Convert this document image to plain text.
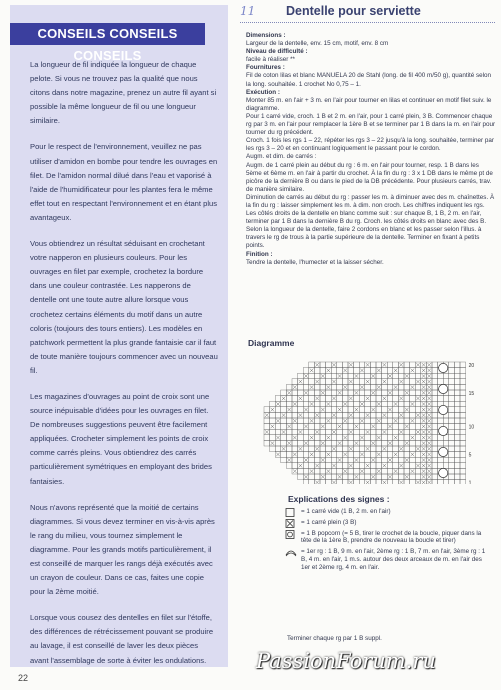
CONSEILS CONSEILS CONSEILS

La longueur de fil indiquée la longueur de chaque pelote. Si vous ne trouvez pas la qualité que nous citons dans notre magazine, prenez un autre fil ayant si possible la même longueur de fil ou une longueur similaire.

Pour le respect de l'environnement, veuillez ne pas utiliser d'amidon en bombe pour tendre les ouvrages en filet. De l'amidon normal dilué dans l'eau et vaporisé à l'aide de l'humidificateur pour les plantes fera le même effet tout en respectant l'environnement et en étant plus avantageux.

Vous obtiendrez un résultat séduisant en crochetant votre napperon en plusieurs couleurs. Pour les ouvrages en filet par exemple, crochetez la bordure dans une couleur contrastée. Les napperons de dentelle ont une toute autre allure lorsque vous crochetez certains éléments du motif dans un autre coloris (toujours des tours entiers). Les modèles en patchwork permettent la plus grande fantaisie car il faut de toute manière toujours commencer avec un nouveau fil.

Les magazines d'ouvrages au point de croix sont une source inépuisable d'idées pour les ouvrages en filet. De nombreuses suggestions peuvent être facilement appliquées. Crocheter simplement les points de croix comme carrés pleins. Vous obtiendrez des carrés particulièrement symétriques en employant des brides fantaisies.

Nous n'avons représenté que la moitié de certains diagrammes. Si vous devez terminer en vis-à-vis après le rang du milieu, vous tournez simplement le diagramme. Pour les grands motifs particulièrement, il est conseillé de marquer les rangs déjà exécutés avec un crayon de couleur. Dans ce cas, faites une copie pour la 2ème moitié.

Lorsque vous cousez des dentelles en filet sur l'étoffe, des différences de rétrécissement pouvant se produire au lavage, il est conseillé de laver les deux pièces avant l'assemblage de sorte à éviter les ondulations.

22
11	Dentelle pour serviette
Dimensions :
Largeur de la dentelle, env. 15 cm, motif, env. 8 cm
Niveau de difficulté :
facile à réaliser **
Fournitures :
Fil de coton lilas et blanc MANUELA 20 de Stahl (long. de fil 400 m/50 g), quantité selon la long. souhaitée. 1 crochet No 0,75 – 1.
Exécution :
Monter 85 m. en l'air + 3 m. en l'air pour tourner en lilas et continuer en motif filet suiv. le diagramme.
Pour 1 carré vide, croch. 1 B et 2 m. en l'air, pour 1 carré plein, 3 B. Commencer chaque rg par 3 m. en l'air pour remplacer la 1ère B et se terminer par 1 B dans la m. en l'air pour tourner du rg précédent.
Croch. 1 fois les rgs 1 – 22, répéter les rgs 3 – 22 jusqu'à la long. souhaitée, terminer par les rgs 3 – 20 et en continuant logiquement le passant pour le cordon.
Augm. et dim. de carrés :
Augm. de 1 carré plein au début du rg : 6 m. en l'air pour tourner, resp. 1 B dans les 5ème et 6ème m. en l'air à partir du crochet. À la fin du rg : 3 x 1 DB dans le même pt de picôre de la dernière B ou dans le pied de la DB précédente. Pour plusieurs carrés, trav. de manière similaire.
Diminution de carrés au début du rg : passer les m. à diminuer avec des m. chaînettes. À la fin du rg : laisser simplement les m. à dim. non croch. Les chiffres indiquent les rgs. Les côtés droits de la dentelle en blanc comme suit : sur chaque B, 1 B, 2 m. en l'air, terminer par 1 B dans la dernière B du rg. Croch. les côtés droits en blanc avec des B. Selon la longueur de la dentelle, faire 2 cordons en blanc et les passer selon l'illus. à travers le rg de trous à la partie supérieure de la dentelle. Terminer en fixant à petits points.
Finition :
Tendre la dentelle, l'humecter et la laisser sécher.
Diagramme
20
15
10
5
1
Explications des signes :
= 1 carré vide (1 B, 2 m. en l'air)
= 1 carré plein (3 B)
= 1 B popcorn (= 5 B, tirer le crochet de la boucle, piquer dans la tête de la 1ère B, prendre de nouveau la boucle et tirer)
= 1er rg : 1 B, 9 m. en l'air, 2ème rg : 1 B, 7 m. en l'air, 3ème rg : 1 B, 4 m. en l'air, 1 m.s. autour des deux arceaux de m. en l'air des 1er et 2ème rg, 4 m. en l'air.
Terminer chaque rg par 1 B suppl.
PassionForum.ru
